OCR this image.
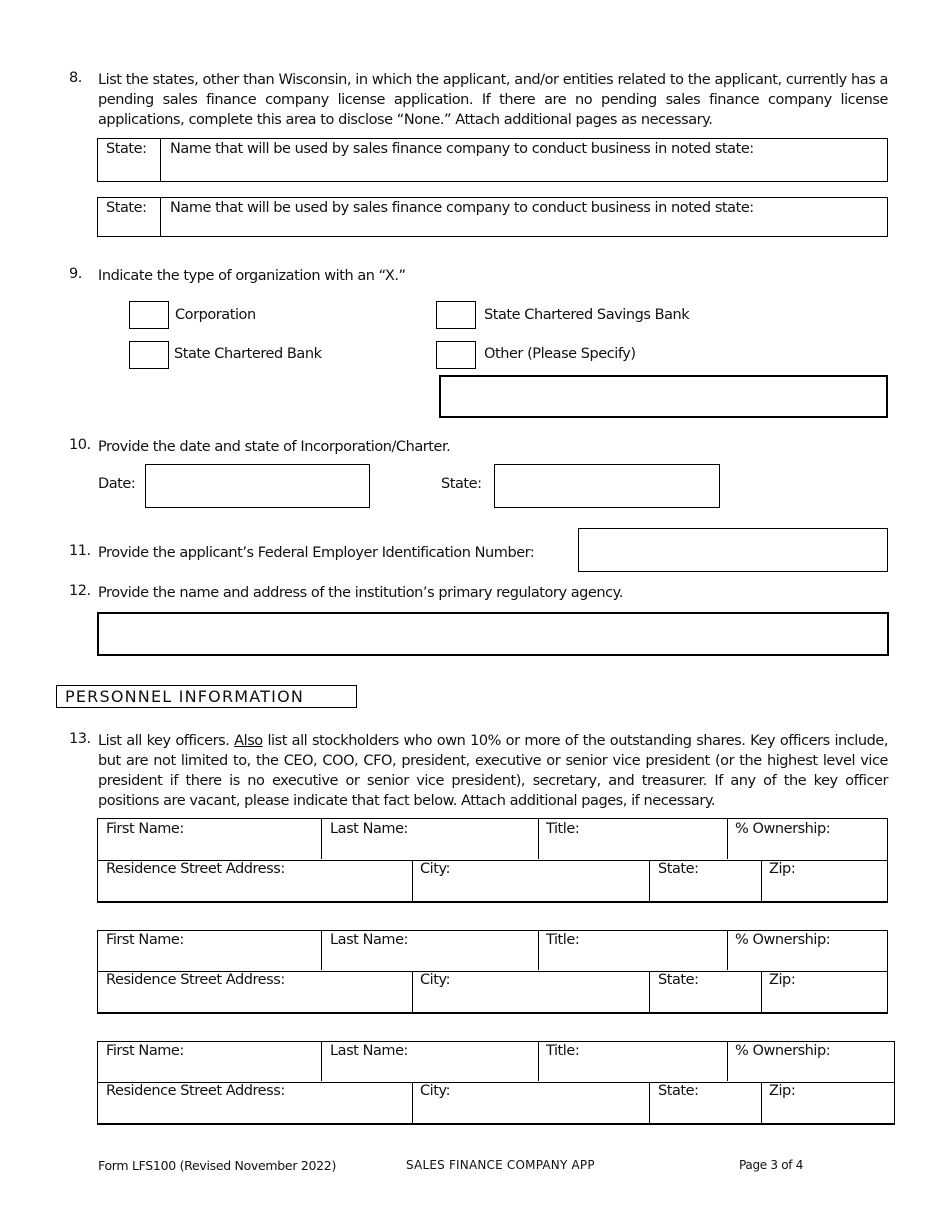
8. List the states, other than Wisconsin, in which the applicant, and/or entities related to the applicant, currently has a pending sales finance company license application. If there are no pending sales finance company license applications, complete this area to disclose “None.” Attach additional pages as necessary.
State: Name that will be used by sales finance company to conduct business in noted state:
State: Name that will be used by sales finance company to conduct business in noted state:
9. Indicate the type of organization with an “X.”
Corporation	State Chartered Savings Bank
State Chartered Bank	Other (Please Specify)
10. Provide the date and state of Incorporation/Charter.
Date:	State:
11. Provide the applicant’s Federal Employer Identification Number:
12. Provide the name and address of the institution’s primary regulatory agency.
PERSONNEL INFORMATION
13. List all key officers. Also list all stockholders who own 10% or more of the outstanding shares. Key officers include, but are not limited to, the CEO, COO, CFO, president, executive or senior vice president (or the highest level vice president if there is no executive or senior vice president), secretary, and treasurer. If any of the key officer positions are vacant, please indicate that fact below. Attach additional pages, if necessary.
First Name:	Last Name:	Title:	% Ownership:
Residence Street Address:	City:	State:	Zip:
First Name:	Last Name:	Title:	% Ownership:
Residence Street Address:	City:	State:	Zip:
First Name:	Last Name:	Title:	% Ownership:
Residence Street Address:	City:	State:	Zip:
Form LFS100 (Revised November 2022)	SALES FINANCE COMPANY APP	Page 3 of 4
